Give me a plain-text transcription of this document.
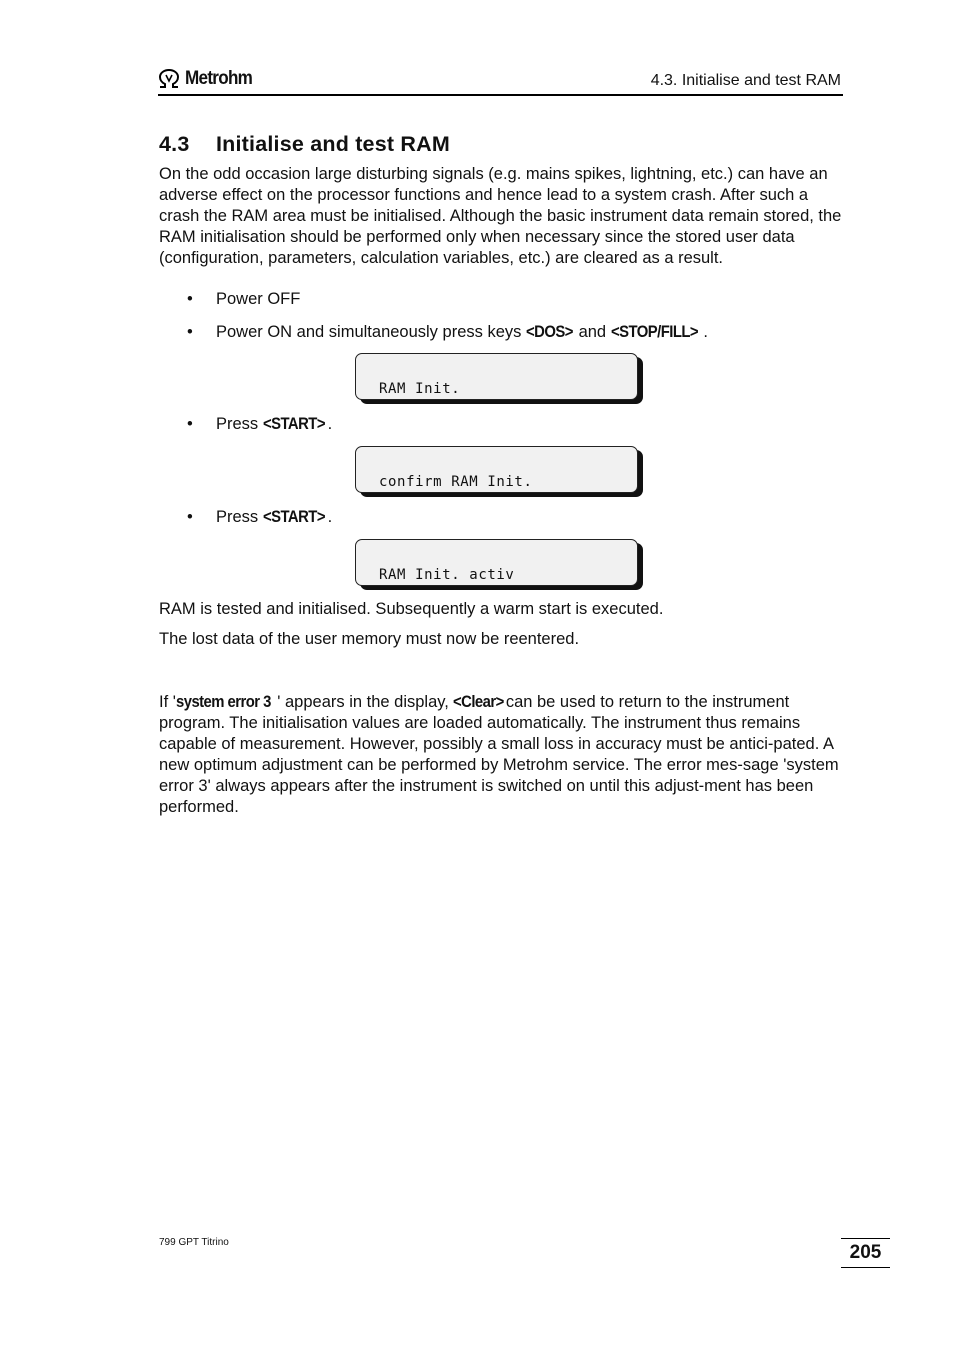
Metrohm	4.3. Initialise and test RAM
4.3 Initialise and test RAM

On the odd occasion large disturbing signals (e.g. mains spikes, lightning, etc.) can have an adverse effect on the processor functions and hence lead to a system crash. After such a crash the RAM area must be initialised. Although the basic instrument data remain stored, the RAM initialisation should be performed only when necessary since the stored user data (configuration, parameters, calculation variables, etc.) are cleared as a result.

• Power OFF
• Power ON and simultaneously press keys <DOS> and <STOP/FILL> .
RAM Init.
• Press <START> .
confirm RAM Init.
• Press <START> .
RAM Init. activ

RAM is tested and initialised. Subsequently a warm start is executed.

The lost data of the user memory must now be reentered.

If 'system error 3 ' appears in the display, <Clear>can be used to return to the instrument program. The initialisation values are loaded automatically. The instrument thus remains capable of measurement. However, possibly a small loss in accuracy must be antici-pated. A new optimum adjustment can be performed by Metrohm service. The error mes-sage 'system error 3' always appears after the instrument is switched on until this adjust-ment has been performed.

799 GPT Titrino	205
